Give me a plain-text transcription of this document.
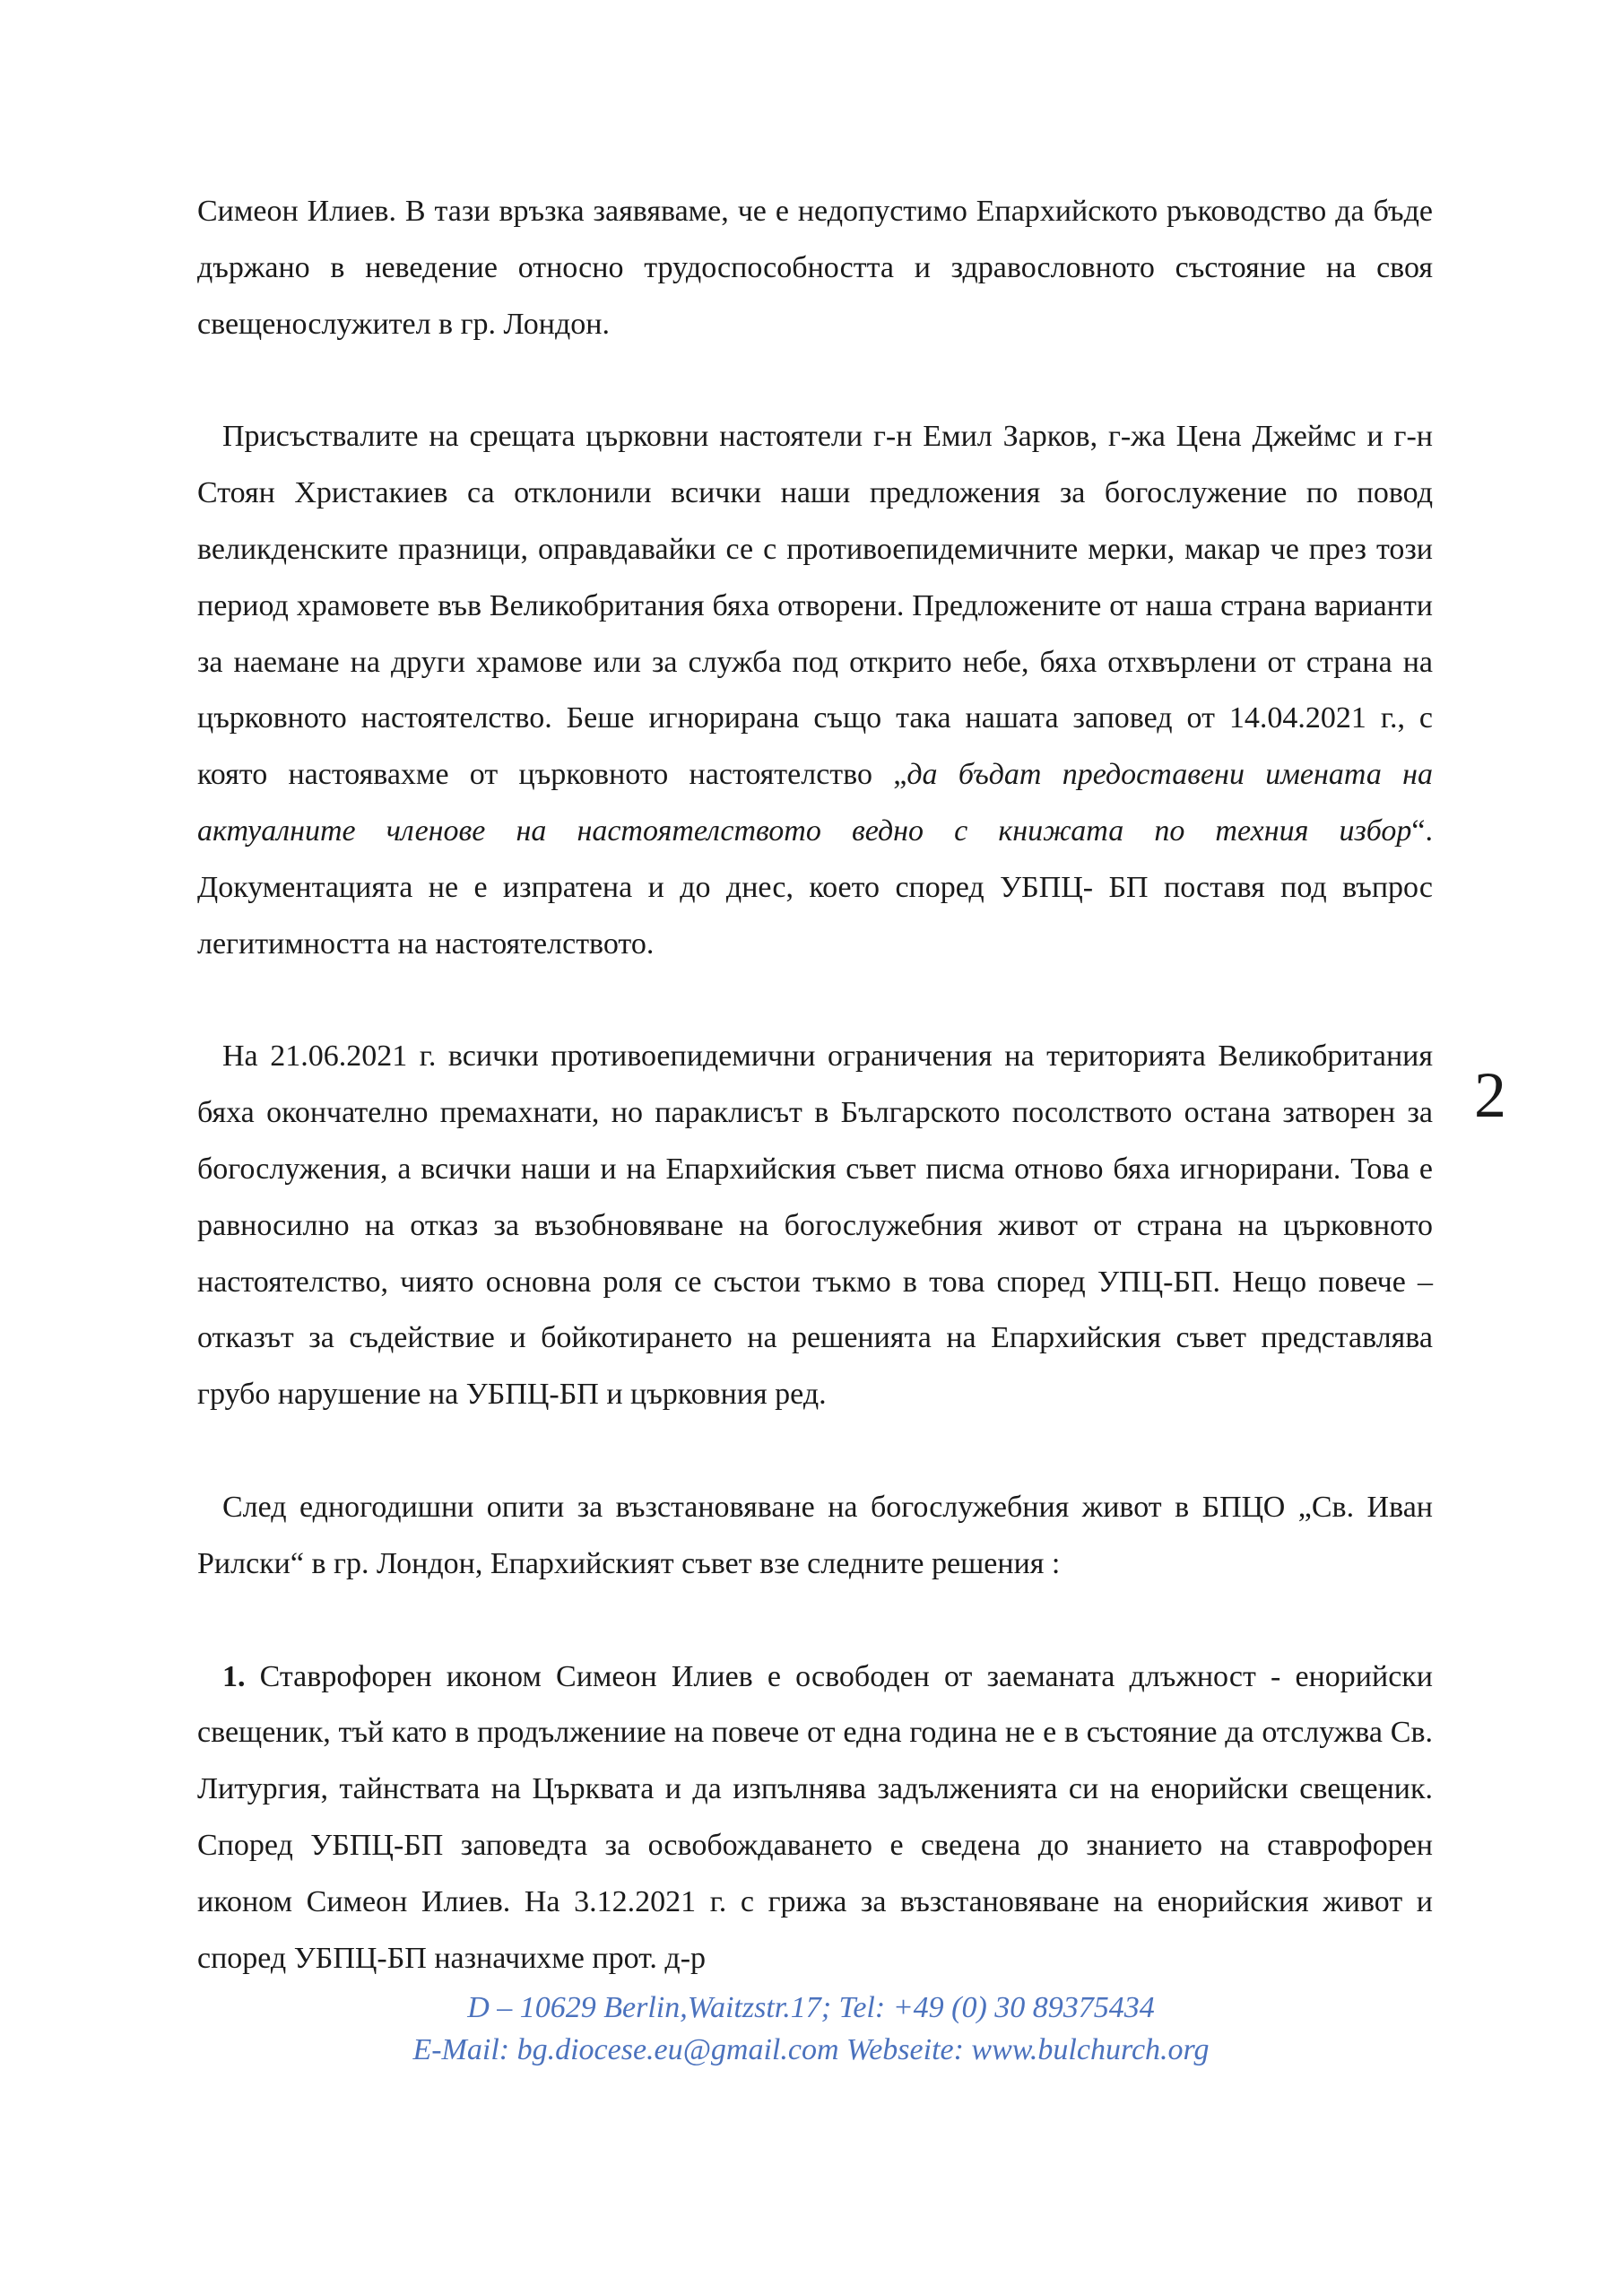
Симеон Илиев. В тази връзка заявяваме, че е недопустимо Епархийското ръководство да бъде държано в неведение относно трудоспособността и здравословното състояние на своя свещенослужител в гр. Лондон.

Присъствалите на срещата църковни настоятели г-н Емил Зарков, г-жа Цена Джеймс и г-н Стоян Христакиев са отклонили всички наши предложения за богослужение по повод великденските празници, оправдавайки се с противоепидемичните мерки, макар че през този период храмовете във Великобритания бяха отворени. Предложените от наша страна варианти за наемане на други храмове или за служба под открито небе, бяха отхвърлени от страна на църковното настоятелство. Беше игнорирана също така нашата заповед от 14.04.2021 г., с която настоявахме от църковното настоятелство „да бъдат предоставени имената на актуалните членове на настоятелството ведно с книжата по техния избор“. Документацията не е изпратена и до днес, което според УБПЦ- БП поставя под въпрос легитимността на настоятелството.

На 21.06.2021 г. всички противоепидемични ограничения на територията Великобритания бяха окончателно премахнати, но параклисът в Българското посолството остана затворен за богослужения, а всички наши и на Епархийския съвет писма отново бяха игнорирани. Това е равносилно на отказ за възобновяване на богослужебния живот от страна на църковното настоятелство, чиято основна роля се състои тъкмо в това според УПЦ-БП. Нещо повече – отказът за съдействие и бойкотирането на решенията на Епархийския съвет представлява грубо нарушение на УБПЦ-БП и църковния ред.

След едногодишни опити за възстановяване на богослужебния живот в БПЦО „Св. Иван Рилски“ в гр. Лондон, Епархийският съвет взе следните решения :

1. Ставрофорен иконом Симеон Илиев е освободен от заеманата длъжност - енорийски свещеник, тъй като в продължениие на повече от една година не е в състояние да отслужва Св. Литургия, тайнствата на Църквата и да изпълнява задълженията си на енорийски свещеник. Според УБПЦ-БП заповедта за освобождаването е сведена до знанието на ставрофорен иконом Симеон Илиев. На 3.12.2021 г. с грижа за възстановяване на енорийския живот и според УБПЦ-БП назначихме прот. д-р

2
D – 10629 Berlin,Waitzstr.17; Tel: +49 (0) 30 89375434
E-Mail: bg.diocese.eu@gmail.com Webseite: www.bulchurch.org
